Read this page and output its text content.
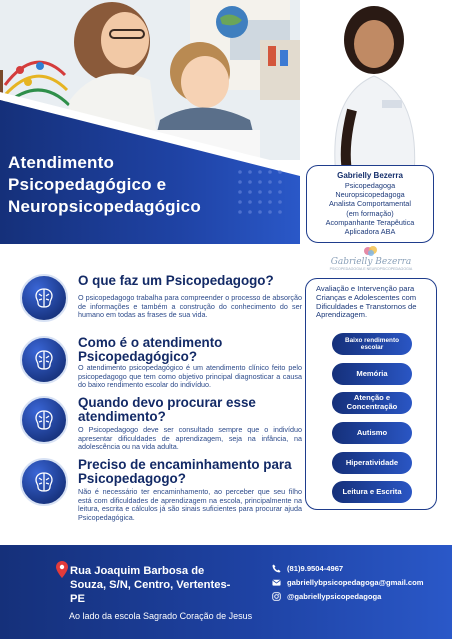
Atendimento
Psicopedagógico e
Neuropsicopedagógico
Gabrielly Bezerra
Psicopedagoga
Neuropsicopedagoga
Analista Comportamental
(em formação)
Acompanhante Terapêutica
Aplicadora ABA
Gabrielly Bezerra
PSICOPEDAGOGIA E NEUROPSICOPEDAGOGIA
Avaliação e Intervenção para Crianças e Adolescentes com Dificuldades e Transtornos de Aprendizagem.
Baixo rendimento escolar
Memória
Atenção e Concentração
Autismo
Hiperatividade
Leitura e Escrita
O que faz um Psicopedagogo?
O psicopedagogo trabalha para compreender o processo de absorção de informações e também a construção do conhecimento do ser humano em todas as frases de sua vida.
Como é o atendimento Psicopedagógico?
O atendimento psicopedagógico é um atendimento clínico feito pelo psicopedagogo que tem como objetivo principal diagnosticar a causa do baixo rendimento escolar do indivíduo.
Quando devo procurar esse atendimento?
O Psicopedagogo deve ser consultado sempre que o indivíduo apresentar dificuldades de aprendizagem, seja na infância, na adolescência ou na vida adulta.
Preciso de encaminhamento para Psicopedagogo?
Não é necessário ter encaminhamento, ao perceber que seu filho está com dificuldades de aprendizagem na escola, principalmente na leitura, escrita e cálculos já são sinais suficientes para procurar ajuda Psicopedagógica.
Rua Joaquim Barbosa de Souza, S/N, Centro, Vertentes-PE
Ao lado da escola Sagrado Coração de Jesus
(81)9.9504-4967
gabriellybpsicopedagoga@gmail.com
@gabriellypsicopedagoga
